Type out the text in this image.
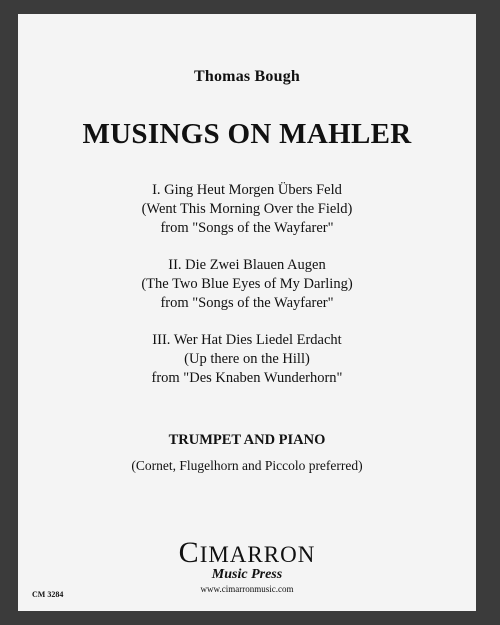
Thomas Bough
MUSINGS ON MAHLER
I. Ging Heut Morgen Übers Feld
(Went This Morning Over the Field)
from "Songs of the Wayfarer"
II. Die Zwei Blauen Augen
(The Two Blue Eyes of My Darling)
from "Songs of the Wayfarer"
III. Wer Hat Dies Liedel Erdacht
(Up there on the Hill)
from "Des Knaben Wunderhorn"
TRUMPET AND PIANO
(Cornet, Flugelhorn and Piccolo preferred)
CIMARRON
Music Press
www.cimarronmusic.com
CM 3284
